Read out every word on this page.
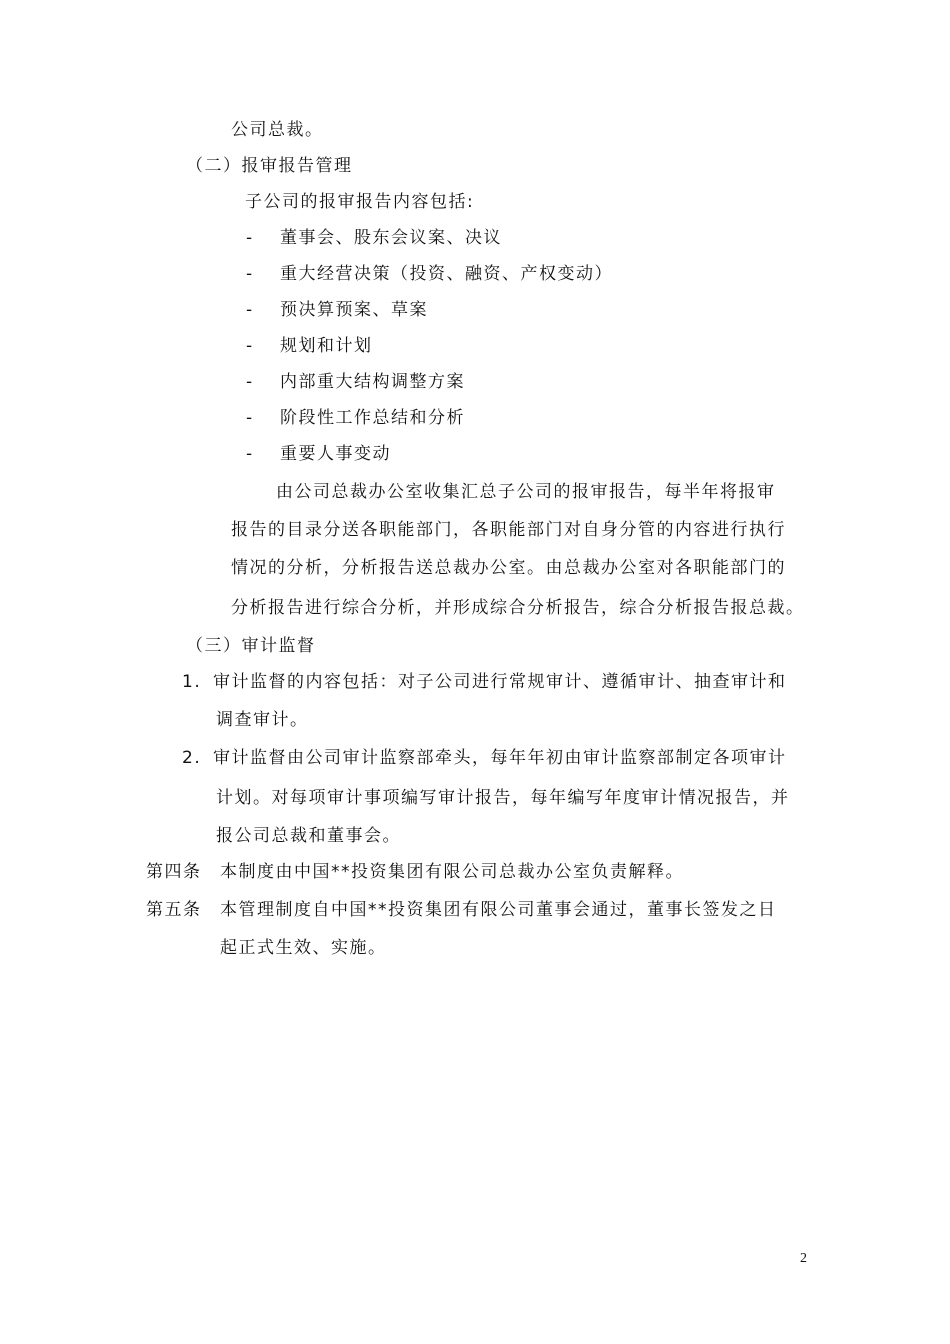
公司总裁。
（二）报审报告管理
子公司的报审报告内容包括:
- 董事会、股东会议案、决议
- 重大经营决策（投资、融资、产权变动）
- 预决算预案、草案
- 规划和计划
- 内部重大结构调整方案
- 阶段性工作总结和分析
- 重要人事变动
由公司总裁办公室收集汇总子公司的报审报告，每半年将报审
报告的目录分送各职能部门，各职能部门对自身分管的内容进行执行
情况的分析，分析报告送总裁办公室。由总裁办公室对各职能部门的
分析报告进行综合分析，并形成综合分析报告，综合分析报告报总裁。
（三）审计监督
1. 审计监督的内容包括：对子公司进行常规审计、遵循审计、抽查审计和
调查审计。
2. 审计监督由公司审计监察部牵头，每年年初由审计监察部制定各项审计
计划。对每项审计事项编写审计报告，每年编写年度审计情况报告，并
报公司总裁和董事会。
第四条 本制度由中国**投资集团有限公司总裁办公室负责解释。
第五条 本管理制度自中国**投资集团有限公司董事会通过，董事长签发之日
起正式生效、实施。
2
